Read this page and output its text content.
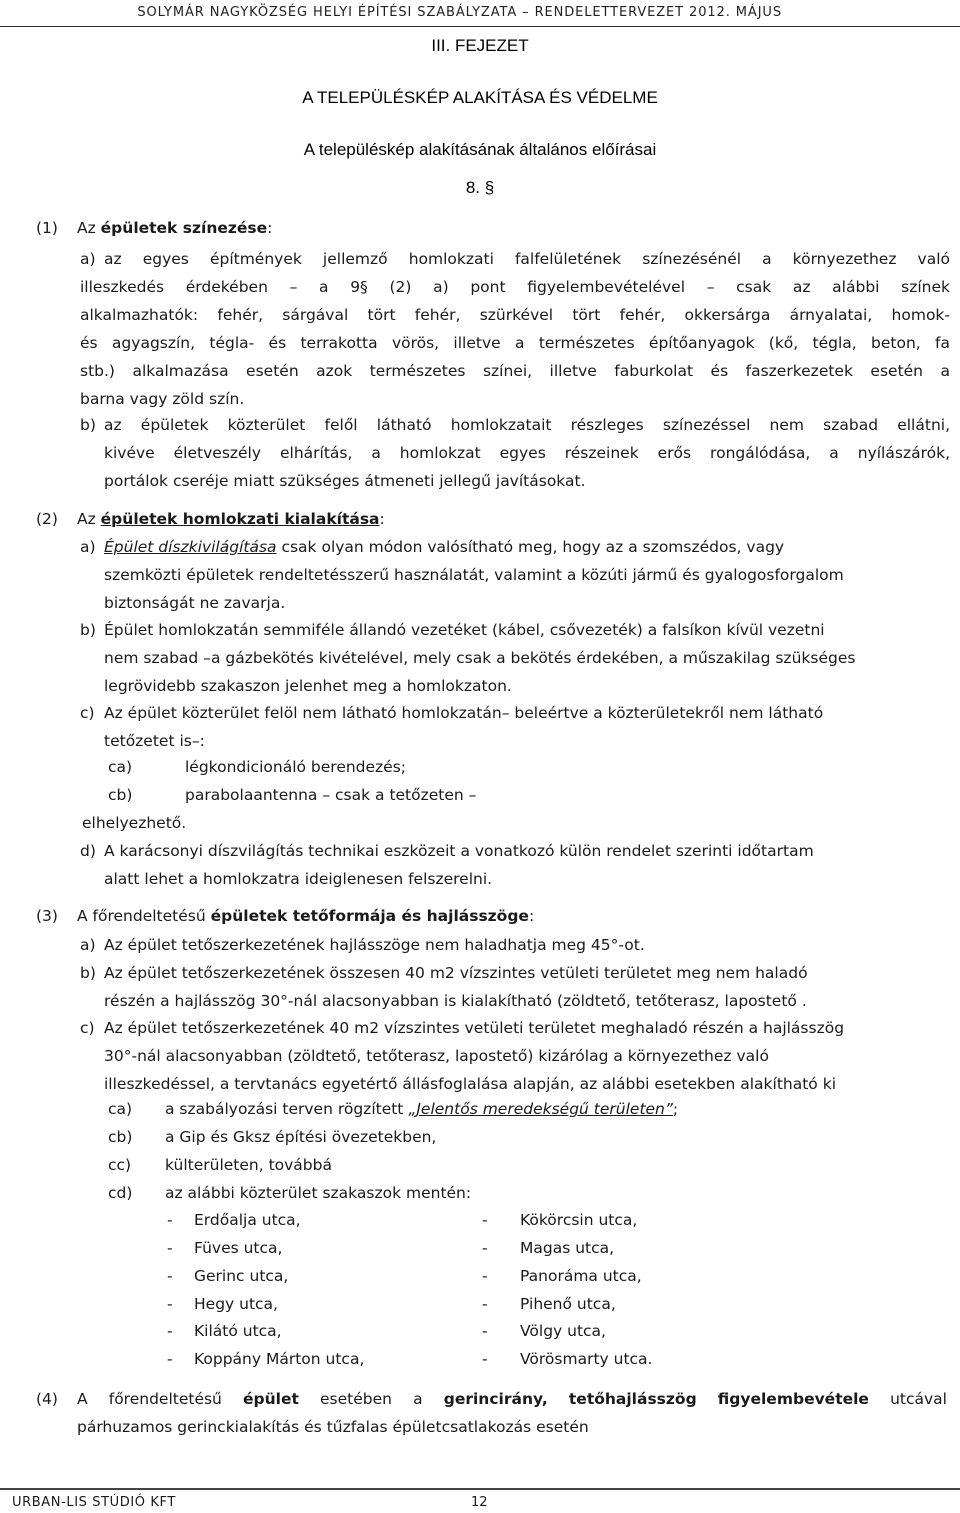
SOLYMÁR NAGYKÖZSÉG HELYI ÉPÍTÉSI SZABÁLYZATA – RENDELETTERVEZET 2012. MÁJUS
III. FEJEZET
A TELEPÜLÉSKÉP ALAKÍTÁSA ÉS VÉDELME
A településkép alakításának általános előírásai
8. §
(1) Az épületek színezése:
a) az egyes építmények jellemző homlokzati falfelületének színezésénél a környezethez való
illeszkedés érdekében – a 9§ (2) a) pont figyelembevételével – csak az alábbi színek
alkalmazhatók: fehér, sárgával tört fehér, szürkével tört fehér, okkersárga árnyalatai, homok-
és agyagszín, tégla- és terrakotta vörös, illetve a természetes építőanyagok (kő, tégla, beton, fa
stb.) alkalmazása esetén azok természetes színei, illetve faburkolat és faszerkezetek esetén a
barna vagy zöld szín.
b) az épületek közterület felől látható homlokzatait részleges színezéssel nem szabad ellátni,
kivéve életveszély elhárítás, a homlokzat egyes részeinek erős rongálódása, a nyílászárók,
portálok cseréje miatt szükséges átmeneti jellegű javításokat.
(2) Az épületek homlokzati kialakítása:
a) Épület díszkivilágítása csak olyan módon valósítható meg, hogy az a szomszédos, vagy
szemközti épületek rendeltetésszerű használatát, valamint a közúti jármű és gyalogosforgalom
biztonságát ne zavarja.
b) Épület homlokzatán semmiféle állandó vezetéket (kábel, csővezeték) a falsíkon kívül vezetni
nem szabad –a gázbekötés kivételével, mely csak a bekötés érdekében, a műszakilag szükséges
legrövidebb szakaszon jelenhet meg a homlokzaton.
c) Az épület közterület felöl nem látható homlokzatán– beleértve a közterületekről nem látható
tetőzetet is–:
ca)	légkondicionáló berendezés;
cb)	parabolaantenna – csak a tetőzeten –
elhelyezhető.
d) A karácsonyi díszvilágítás technikai eszközeit a vonatkozó külön rendelet szerinti időtartam
alatt lehet a homlokzatra ideiglenesen felszerelni.
(3) A főrendeltetésű épületek tetőformája és hajlásszöge:
a) Az épület tetőszerkezetének hajlásszöge nem haladhatja meg 45°-ot.
b) Az épület tetőszerkezetének összesen 40 m2 vízszintes vetületi területet meg nem haladó
részén a hajlásszög 30°-nál alacsonyabban is kialakítható (zöldtető, tetőterasz, lapostető .
c) Az épület tetőszerkezetének 40 m2 vízszintes vetületi területet meghaladó részén a hajlásszög
30°-nál alacsonyabban (zöldtető, tetőterasz, lapostető) kizárólag a környezethez való
illeszkedéssel, a tervtanács egyetértő állásfoglalása alapján, az alábbi esetekben alakítható ki
ca) a szabályozási terven rögzített „Jelentős meredekségű területen”;
cb) a Gip és Gksz építési övezetekben,
cc) külterületen, továbbá
cd) az alábbi közterület szakaszok mentén:
- Erdőalja utca,	- Kökörcsin utca,
- Füves utca,	- Magas utca,
- Gerinc utca,	- Panoráma utca,
- Hegy utca,	- Pihenő utca,
- Kilátó utca,	- Völgy utca,
- Koppány Márton utca,	- Vörösmarty utca.
(4) A főrendeltetésű épület esetében a gerincirány, tetőhajlásszög figyelembevétele utcával
párhuzamos gerinckialakítás és tűzfalas épületcsatlakozás esetén
URBAN-LIS STÚDIÓ KFT	12
